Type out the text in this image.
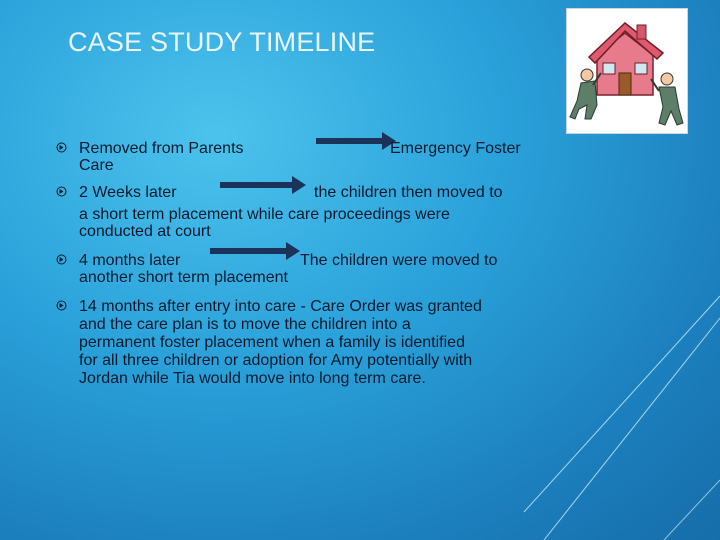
CASE STUDY TIMELINE
Removed from Parents	Emergency Foster
Care
2 Weeks later	the children then moved to
a short term placement while care proceedings were
conducted at court
4 months later	The children were moved to
another short term placement
14 months after entry into care - Care Order was granted
and the care plan is to move the children into a
permanent foster placement when a family is identified
for all three children or adoption for Amy potentially with
Jordan while Tia would move into long term care.
